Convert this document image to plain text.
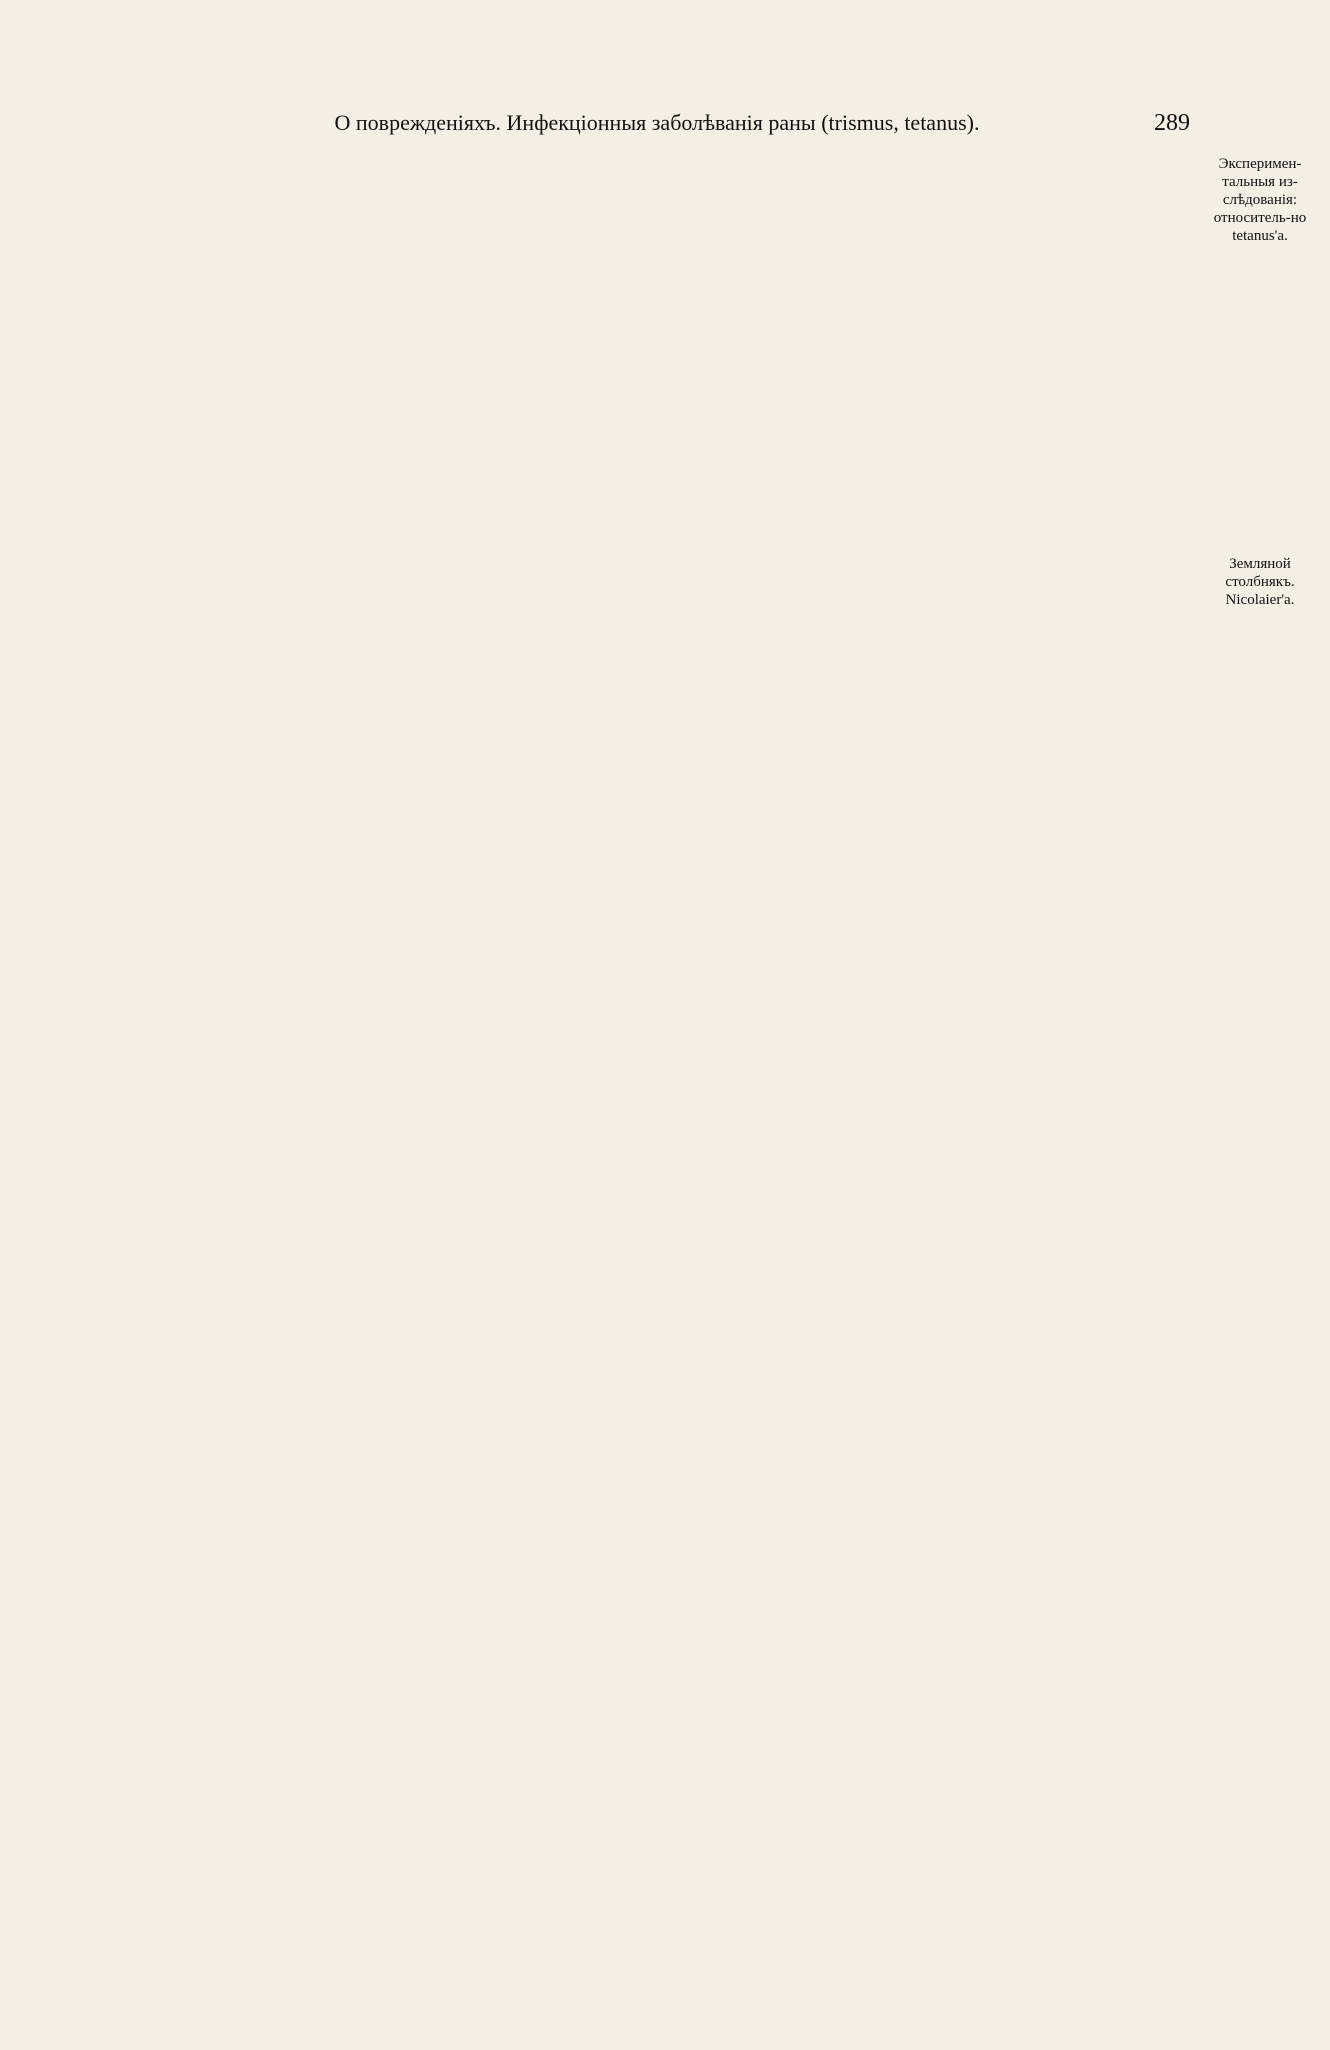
О поврежденіяхъ. Инфекціонныя заболѣванія раны (trismus, tetanus).	289

Эксперимен-тальныя из-слѣдованія: относитель-но tetanus'a.
Земляной столбнякъ. Nicolaier'a.
